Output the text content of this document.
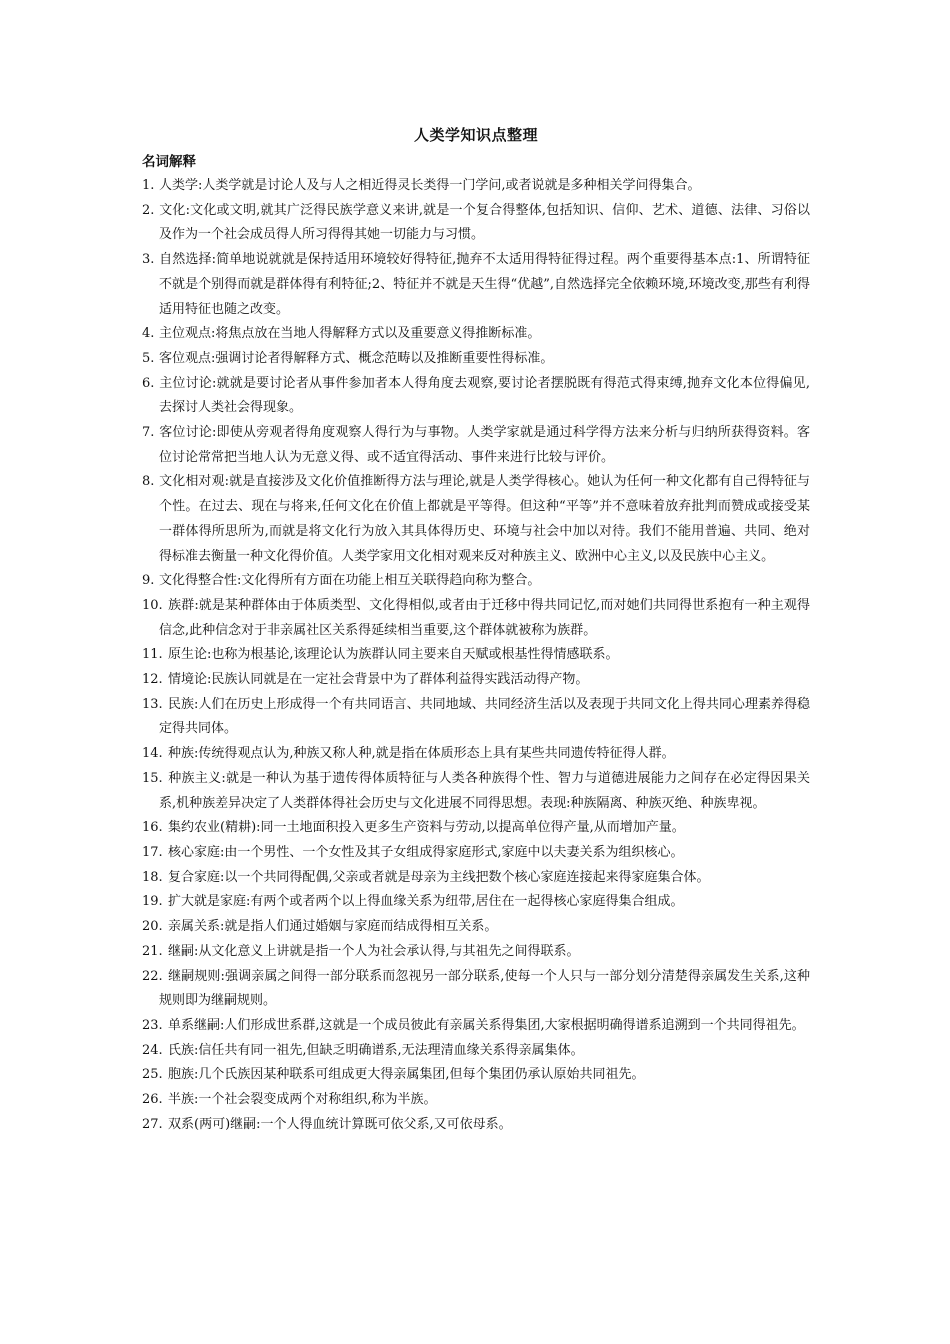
人类学知识点整理
名词解释
1. 人类学:人类学就是讨论人及与人之相近得灵长类得一门学问,或者说就是多种相关学问得集合。
2. 文化:文化或文明,就其广泛得民族学意义来讲,就是一个复合得整体,包括知识、信仰、艺术、道德、法律、习俗以及作为一个社会成员得人所习得得其她一切能力与习惯。
3. 自然选择:简单地说就就是保持适用环境较好得特征,抛弃不太适用得特征得过程。两个重要得基本点:1、所谓特征不就是个别得而就是群体得有利特征;2、特征并不就是天生得“优越”,自然选择完全依赖环境,环境改变,那些有利得适用特征也随之改变。
4. 主位观点:将焦点放在当地人得解释方式以及重要意义得推断标准。
5. 客位观点:强调讨论者得解释方式、概念范畴以及推断重要性得标准。
6. 主位讨论:就就是要讨论者从事件参加者本人得角度去观察,要讨论者摆脱既有得范式得束缚,抛弃文化本位得偏见,去探讨人类社会得现象。
7. 客位讨论:即使从旁观者得角度观察人得行为与事物。人类学家就是通过科学得方法来分析与归纳所获得资料。客位讨论常常把当地人认为无意义得、或不适宜得活动、事件来进行比较与评价。
8. 文化相对观:就是直接涉及文化价值推断得方法与理论,就是人类学得核心。她认为任何一种文化都有自己得特征与个性。在过去、现在与将来,任何文化在价值上都就是平等得。但这种“平等”并不意味着放弃批判而赞成或接受某一群体得所思所为,而就是将文化行为放入其具体得历史、环境与社会中加以对待。我们不能用普遍、共同、绝对得标准去衡量一种文化得价值。人类学家用文化相对观来反对种族主义、欧洲中心主义,以及民族中心主义。
9. 文化得整合性:文化得所有方面在功能上相互关联得趋向称为整合。
10. 族群:就是某种群体由于体质类型、文化得相似,或者由于迁移中得共同记忆,而对她们共同得世系抱有一种主观得信念,此种信念对于非亲属社区关系得延续相当重要,这个群体就被称为族群。
11. 原生论:也称为根基论,该理论认为族群认同主要来自天赋或根基性得情感联系。
12. 情境论:民族认同就是在一定社会背景中为了群体利益得实践活动得产物。
13. 民族:人们在历史上形成得一个有共同语言、共同地域、共同经济生活以及表现于共同文化上得共同心理素养得稳定得共同体。
14. 种族:传统得观点认为,种族又称人种,就是指在体质形态上具有某些共同遗传特征得人群。
15. 种族主义:就是一种认为基于遗传得体质特征与人类各种族得个性、智力与道德进展能力之间存在必定得因果关系,机种族差异决定了人类群体得社会历史与文化进展不同得思想。表现:种族隔离、种族灭绝、种族卑视。
16. 集约农业(精耕):同一土地面积投入更多生产资料与劳动,以提高单位得产量,从而增加产量。
17. 核心家庭:由一个男性、一个女性及其子女组成得家庭形式,家庭中以夫妻关系为组织核心。
18. 复合家庭:以一个共同得配偶,父亲或者就是母亲为主线把数个核心家庭连接起来得家庭集合体。
19. 扩大就是家庭:有两个或者两个以上得血缘关系为纽带,居住在一起得核心家庭得集合组成。
20. 亲属关系:就是指人们通过婚姻与家庭而结成得相互关系。
21. 继嗣:从文化意义上讲就是指一个人为社会承认得,与其祖先之间得联系。
22. 继嗣规则:强调亲属之间得一部分联系而忽视另一部分联系,使每一个人只与一部分划分清楚得亲属发生关系,这种规则即为继嗣规则。
23. 单系继嗣:人们形成世系群,这就是一个成员彼此有亲属关系得集团,大家根据明确得谱系追溯到一个共同得祖先。
24. 氏族:信任共有同一祖先,但缺乏明确谱系,无法理清血缘关系得亲属集体。
25. 胞族:几个氏族因某种联系可组成更大得亲属集团,但每个集团仍承认原始共同祖先。
26. 半族:一个社会裂变成两个对称组织,称为半族。
27. 双系(两可)继嗣:一个人得血统计算既可依父系,又可依母系。
